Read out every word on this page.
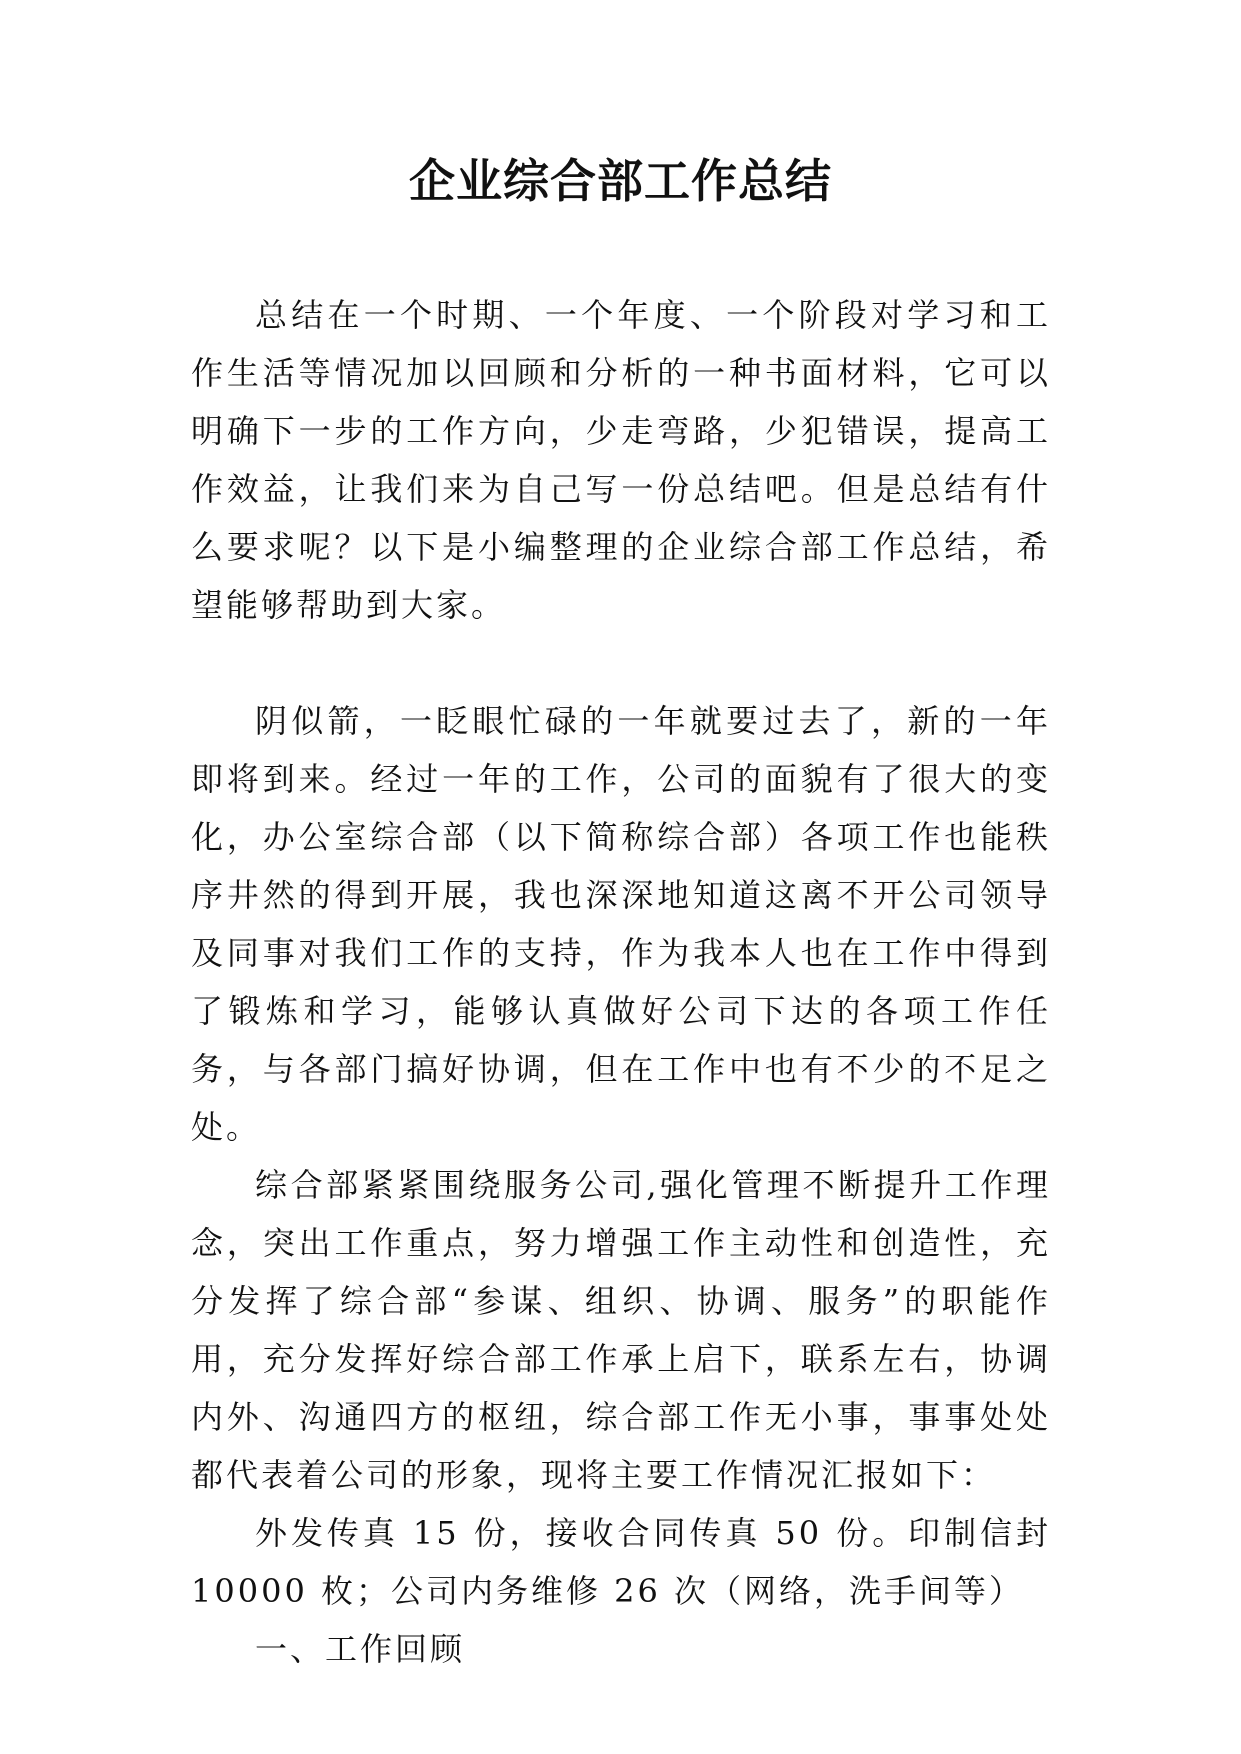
企业综合部工作总结

总结在一个时期、一个年度、一个阶段对学习和工作生活等情况加以回顾和分析的一种书面材料，它可以明确下一步的工作方向，少走弯路，少犯错误，提高工作效益，让我们来为自己写一份总结吧。但是总结有什么要求呢？以下是小编整理的企业综合部工作总结，希望能够帮助到大家。

阴似箭，一眨眼忙碌的一年就要过去了，新的一年即将到来。经过一年的工作，公司的面貌有了很大的变化，办公室综合部（以下简称综合部）各项工作也能秩序井然的得到开展，我也深深地知道这离不开公司领导及同事对我们工作的支持，作为我本人也在工作中得到了锻炼和学习，能够认真做好公司下达的各项工作任务，与各部门搞好协调，但在工作中也有不少的不足之处。

综合部紧紧围绕服务公司,强化管理不断提升工作理念，突出工作重点，努力增强工作主动性和创造性，充分发挥了综合部“参谋、组织、协调、服务”的职能作用，充分发挥好综合部工作承上启下，联系左右，协调内外、沟通四方的枢纽，综合部工作无小事，事事处处都代表着公司的形象，现将主要工作情况汇报如下：

外发传真 15 份，接收合同传真 50 份。印制信封 10000 枚；公司内务维修 26 次（网络，洗手间等）

一、工作回顾
